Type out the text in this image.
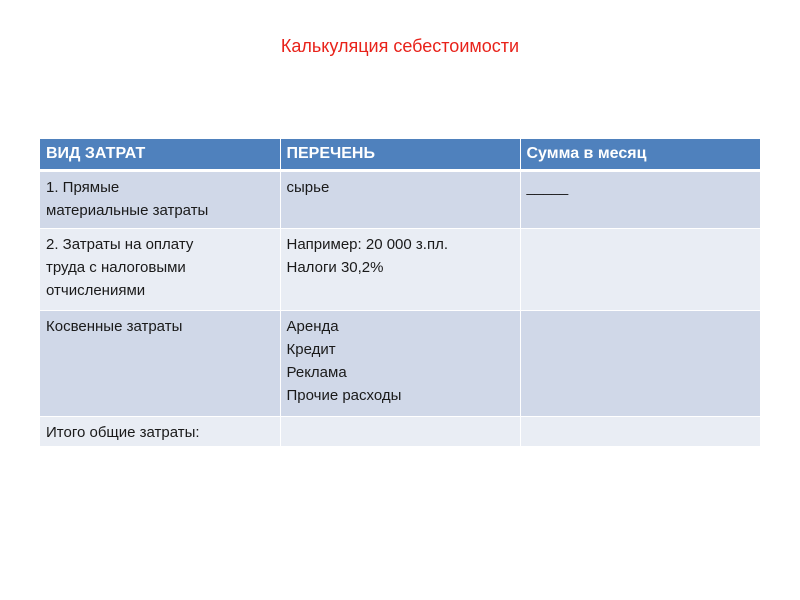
Калькуляция себестоимости
ВИД ЗАТРАТ	ПЕРЕЧЕНЬ	Сумма в месяц

1. Прямые
материальные затраты	сырье	_____

2. Затраты на оплату
труда с налоговыми
отчислениями	Например: 20 000 з.пл.
Налоги 30,2%	

Косвенные затраты	Аренда
Кредит
Реклама
Прочие расходы	

Итого общие затраты:		
